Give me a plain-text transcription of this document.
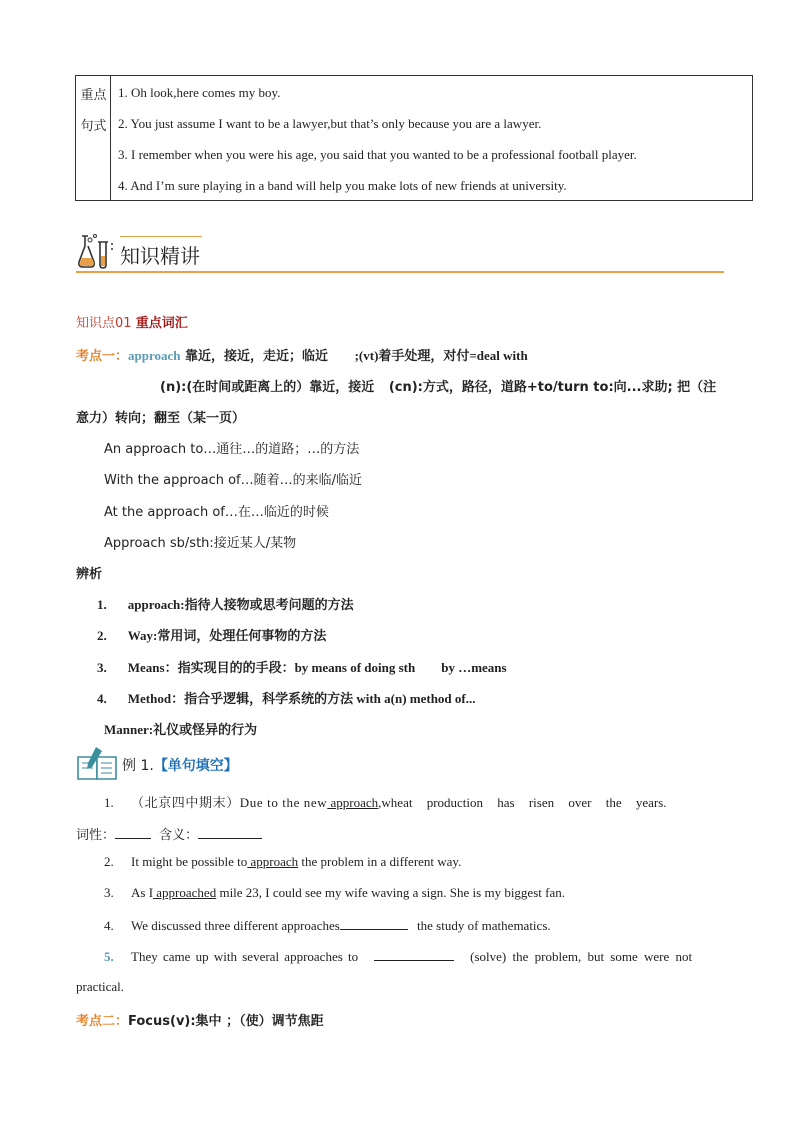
重点
句式
1. Oh look,here comes my boy.
2. You just assume I want to be a lawyer,but that’s only because you are a lawyer.
3. I remember when you were his age, you said that you wanted to be a professional football player.
4. And I’m sure playing in a band will help you make lots of new friends at university.
知识精讲
知识点01 重点词汇
考点一：approach 靠近，接近，走近；临近 ;(vt)着手处理，对付=deal with
(n):(在时间或距离上的）靠近，接近 (cn):方式，路径，道路+to/turn to:向...求助; 把（注
意力）转向；翻至（某一页）
An approach to…通往…的道路；…的方法
With the approach of…随着…的来临/临近
At the approach of…在…临近的时候
Approach sb/sth:接近某人/某物
辨析
1. approach:指待人接物或思考问题的方法
2. Way:常用词，处理任何事物的方法
3. Means：指实现目的的手段：by means of doing sth        by …means
4. Method：指合乎逻辑，科学系统的方法 with a(n) method of...
Manner:礼仪或怪异的行为
例 1.【单句填空】
1. （北京四中期末）Due to the new approach,wheat production has risen over the years.
词性：	含义：
2. It might be possible to approach the problem in a different way.
3. As I approached mile 23, I could see my wife waving a sign. She is my biggest fan.
4. We discussed three different approaches	the study of mathematics.
5. They came up with several approaches to	(solve) the problem, but some were not
practical.
考点二：Focus(v):集中 ；（使）调节焦距
